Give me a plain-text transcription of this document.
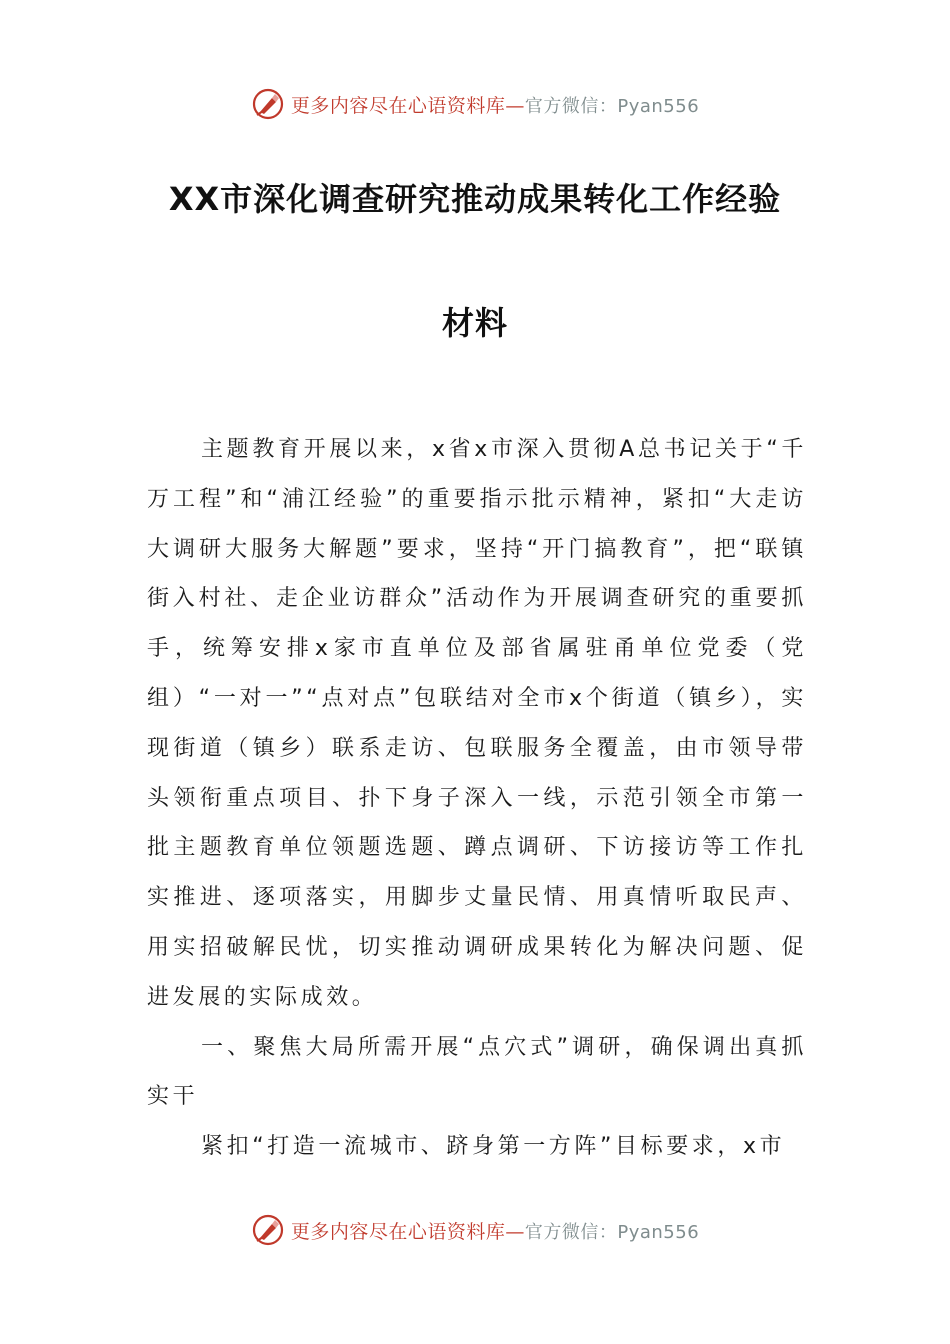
更多内容尽在心语资料库—官方微信：Pyan556
XX市深化调查研究推动成果转化工作经验
材料

主题教育开展以来，x省x市深入贯彻A总书记关于“千万工程”和“浦江经验”的重要指示批示精神，紧扣“大走访大调研大服务大解题”要求，坚持“开门搞教育”，把“联镇街入村社、走企业访群众”活动作为开展调查研究的重要抓手，统筹安排x家市直单位及部省属驻甬单位党委（党组）“一对一”“点对点”包联结对全市x个街道（镇乡），实现街道（镇乡）联系走访、包联服务全覆盖，由市领导带头领衔重点项目、扑下身子深入一线，示范引领全市第一批主题教育单位领题选题、蹲点调研、下访接访等工作扎实推进、逐项落实，用脚步丈量民情、用真情听取民声、用实招破解民忧，切实推动调研成果转化为解决问题、促进发展的实际成效。

一、聚焦大局所需开展“点穴式”调研，确保调出真抓实干

紧扣“打造一流城市、跻身第一方阵”目标要求，x市

更多内容尽在心语资料库—官方微信：Pyan556
